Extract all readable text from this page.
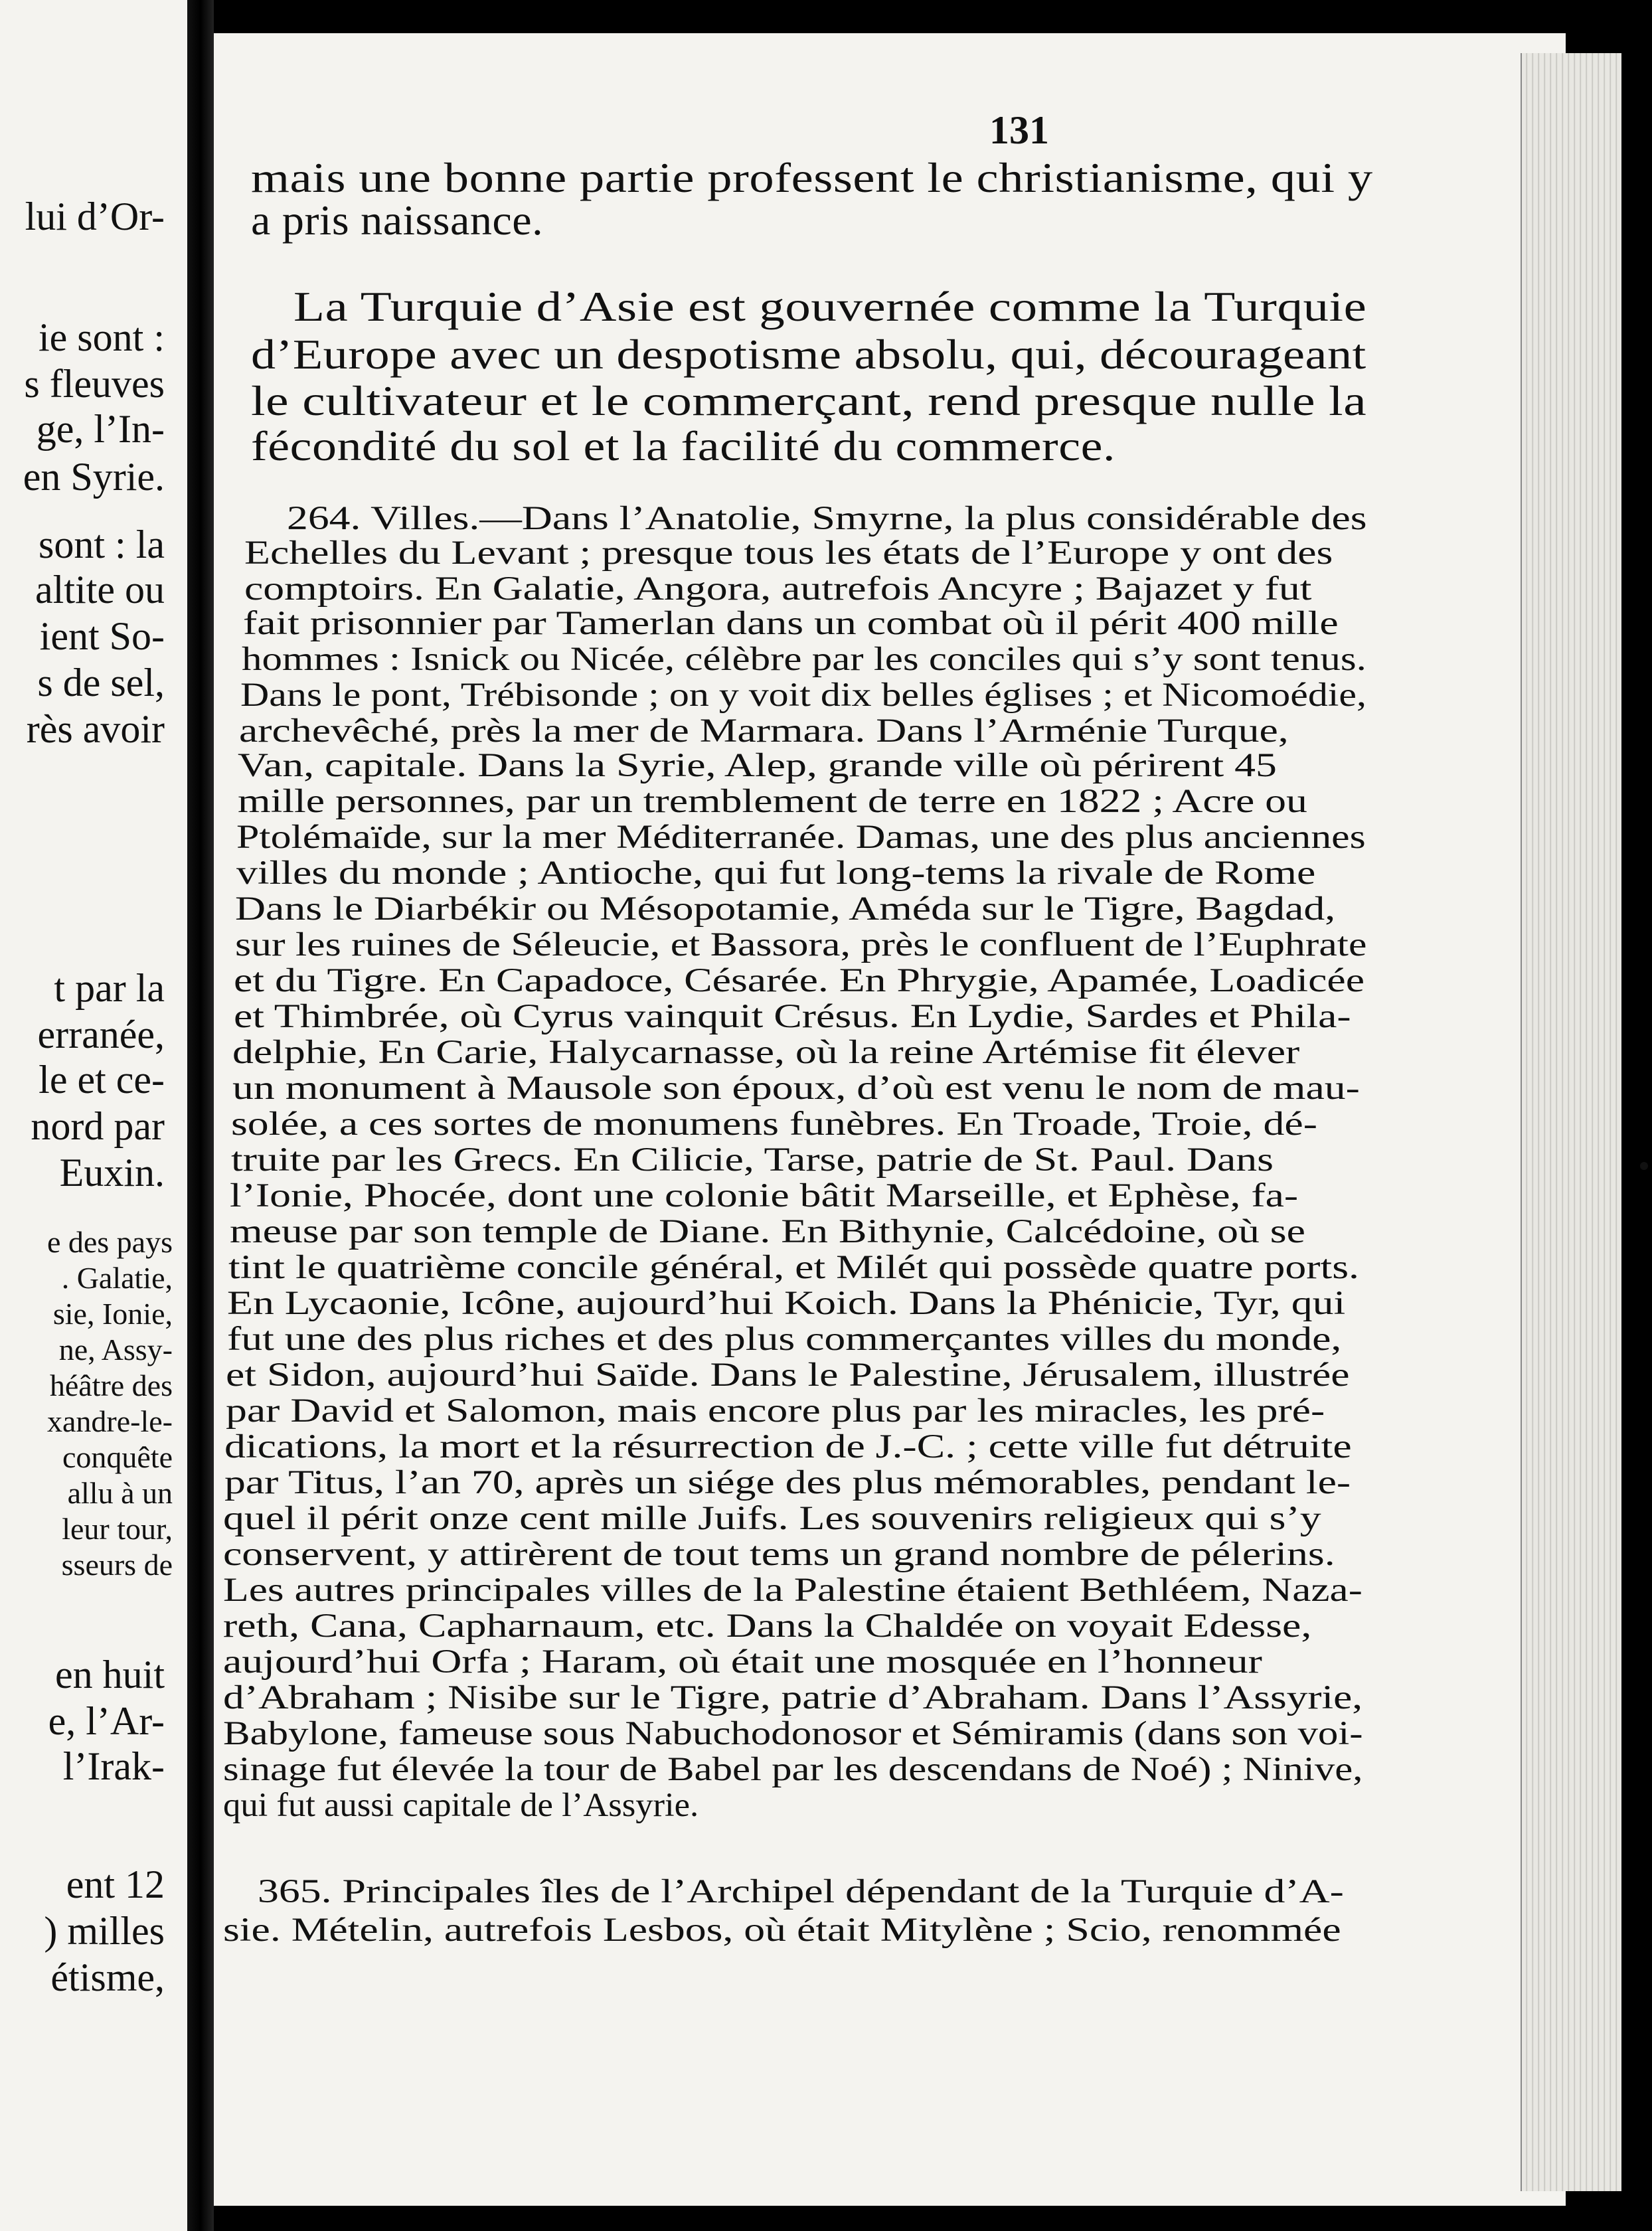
lui d’Or-
ie sont :
s fleuves
ge, l’In-
en Syrie.
sont : la
altite ou
ient So-
s de sel,
rès avoir
t par la
erranée,
le et ce-
nord par
Euxin.
e des pays
. Galatie,
sie, Ionie,
ne, Assy-
héâtre des
xandre-le-
conquête
allu à un
leur tour,
sseurs de
en huit
e, l’Ar-
l’Irak-
ent 12
) milles
étisme,
131
mais une bonne partie professent le christianisme, qui y
a pris naissance.
La Turquie d’Asie est gouvernée comme la Turquie
d’Europe avec un despotisme absolu, qui, décourageant
le cultivateur et le commerçant, rend presque nulle la
fécondité du sol et la facilité du commerce.
264. Villes.—Dans l’Anatolie, Smyrne, la plus considérable des
Echelles du Levant ; presque tous les états de l’Europe y ont des
comptoirs. En Galatie, Angora, autrefois Ancyre ; Bajazet y fut
fait prisonnier par Tamerlan dans un combat où il périt 400 mille
hommes : Isnick ou Nicée, célèbre par les conciles qui s’y sont tenus.
Dans le pont, Trébisonde ; on y voit dix belles églises ; et Nicomoédie,
archevêché, près la mer de Marmara. Dans l’Arménie Turque,
Van, capitale. Dans la Syrie, Alep, grande ville où périrent 45
mille personnes, par un tremblement de terre en 1822 ; Acre ou
Ptolémaïde, sur la mer Méditerranée. Damas, une des plus anciennes
villes du monde ; Antioche, qui fut long-tems la rivale de Rome
Dans le Diarbékir ou Mésopotamie, Améda sur le Tigre, Bagdad,
sur les ruines de Séleucie, et Bassora, près le confluent de l’Euphrate
et du Tigre. En Capadoce, Césarée. En Phrygie, Apamée, Loadicée
et Thimbrée, où Cyrus vainquit Crésus. En Lydie, Sardes et Phila-
delphie, En Carie, Halycarnasse, où la reine Artémise fit élever
un monument à Mausole son époux, d’où est venu le nom de mau-
solée, a ces sortes de monumens funèbres. En Troade, Troie, dé-
truite par les Grecs. En Cilicie, Tarse, patrie de St. Paul. Dans
l’Ionie, Phocée, dont une colonie bâtit Marseille, et Ephèse, fa-
meuse par son temple de Diane. En Bithynie, Calcédoine, où se
tint le quatrième concile général, et Milét qui possède quatre ports.
En Lycaonie, Icône, aujourd’hui Koich. Dans la Phénicie, Tyr, qui
fut une des plus riches et des plus commerçantes villes du monde,
et Sidon, aujourd’hui Saïde. Dans le Palestine, Jérusalem, illustrée
par David et Salomon, mais encore plus par les miracles, les pré-
dications, la mort et la résurrection de J.-C. ; cette ville fut détruite
par Titus, l’an 70, après un siége des plus mémorables, pendant le-
quel il périt onze cent mille Juifs. Les souvenirs religieux qui s’y
conservent, y attirèrent de tout tems un grand nombre de pélerins.
Les autres principales villes de la Palestine étaient Bethléem, Naza-
reth, Cana, Capharnaum, etc. Dans la Chaldée on voyait Edesse,
aujourd’hui Orfa ; Haram, où était une mosquée en l’honneur
d’Abraham ; Nisibe sur le Tigre, patrie d’Abraham. Dans l’Assyrie,
Babylone, fameuse sous Nabuchodonosor et Sémiramis (dans son voi-
sinage fut élevée la tour de Babel par les descendans de Noé) ; Ninive,
qui fut aussi capitale de l’Assyrie.
365. Principales îles de l’Archipel dépendant de la Turquie d’A-
sie. Mételin, autrefois Lesbos, où était Mitylène ; Scio, renommée
